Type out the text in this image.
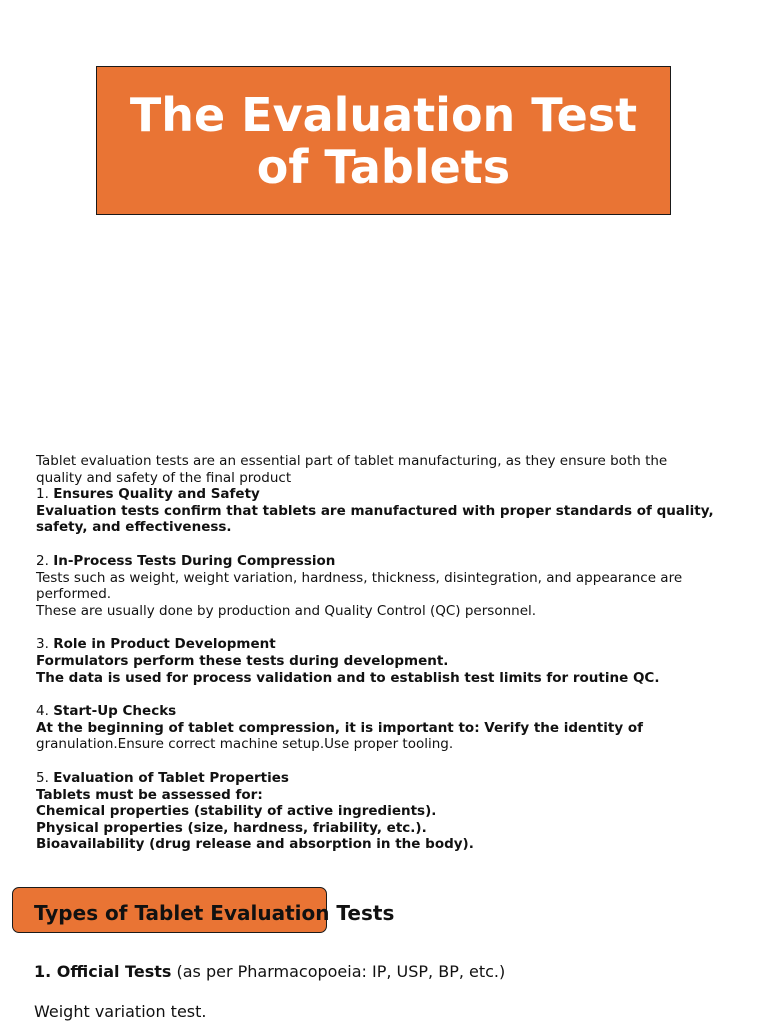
The Evaluation Test of Tablets

Tablet evaluation tests are an essential part of tablet manufacturing, as they ensure both the quality and safety of the final product

1. Ensures Quality and Safety

Evaluation tests confirm that tablets are manufactured with proper standards of quality, safety, and effectiveness.

2. In-Process Tests During Compression

Tests such as weight, weight variation, hardness, thickness, disintegration, and appearance are performed.

These are usually done by production and Quality Control (QC) personnel.

3. Role in Product Development

Formulators perform these tests during development.

The data is used for process validation and to establish test limits for routine QC.

4. Start-Up Checks

At the beginning of tablet compression, it is important to: Verify the identity of granulation.Ensure correct machine setup.Use proper tooling.

5. Evaluation of Tablet Properties

Tablets must be assessed for:

Chemical properties (stability of active ingredients).

Physical properties (size, hardness, friability, etc.).

Bioavailability (drug release and absorption in the body).

Types of Tablet Evaluation Tests

1. Official Tests (as per Pharmacopoeia: IP, USP, BP, etc.)

Weight variation test.
